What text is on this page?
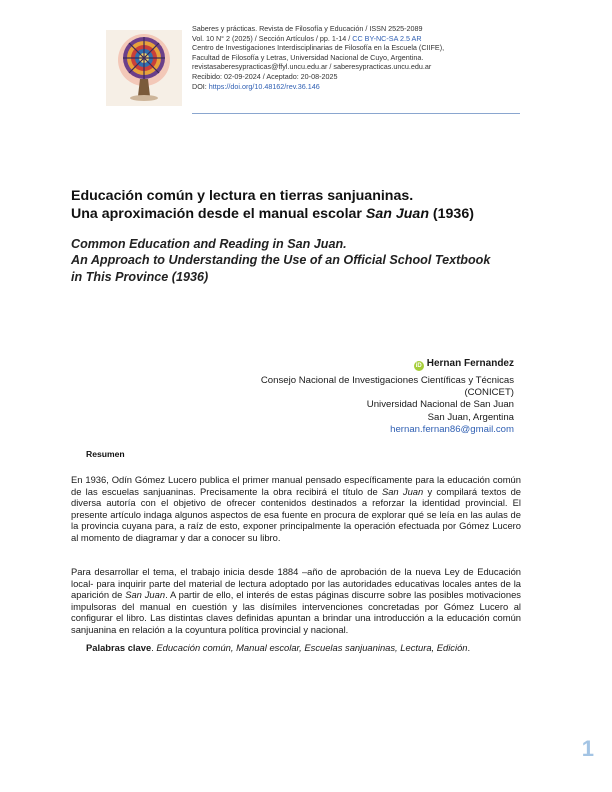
Saberes y prácticas. Revista de Filosofía y Educación / ISSN 2525-2089
Vol. 10 N° 2 (2025) / Sección Artículos / pp. 1-14 / CC BY-NC-SA 2.5 AR
Centro de Investigaciones Interdisciplinarias de Filosofía en la Escuela (CIIFE),
Facultad de Filosofía y Letras, Universidad Nacional de Cuyo, Argentina.
revistasaberesypracticas@ffyl.uncu.edu.ar / saberesypracticas.uncu.edu.ar
Recibido: 02-09-2024 / Aceptado: 20-08-2025
DOI: https://doi.org/10.48162/rev.36.146
Educación común y lectura en tierras sanjuaninas.
Una aproximación desde el manual escolar San Juan (1936)
Common Education and Reading in San Juan.
An Approach to Understanding the Use of an Official School Textbook
in This Province (1936)
iD Hernan Fernandez
Consejo Nacional de Investigaciones Científicas y Técnicas
(CONICET)
Universidad Nacional de San Juan
San Juan, Argentina
hernan.fernan86@gmail.com
Resumen

En 1936, Odín Gómez Lucero publica el primer manual pensado específicamente para la educación común de las escuelas sanjuaninas. Precisamente la obra recibirá el título de San Juan y compilará textos de diversa autoría con el objetivo de ofrecer contenidos destinados a reforzar la identidad provincial. El presente artículo indaga algunos aspectos de esa fuente en procura de explorar qué se leía en las aulas de la provincia cuyana para, a raíz de esto, exponer principalmente la operación efectuada por Gómez Lucero al momento de diagramar y dar a conocer su libro.

Para desarrollar el tema, el trabajo inicia desde 1884 –año de aprobación de la nueva Ley de Educación local- para inquirir parte del material de lectura adoptado por las autoridades educativas locales antes de la aparición de San Juan. A partir de ello, el interés de estas páginas discurre sobre las posibles motivaciones impulsoras del manual en cuestión y las disímiles intervenciones concretadas por Gómez Lucero al configurar el libro. Las distintas claves definidas apuntan a brindar una introducción a la educación común sanjuanina en relación a la coyuntura política provincial y nacional.

Palabras clave. Educación común, Manual escolar, Escuelas sanjuaninas, Lectura, Edición.
1
